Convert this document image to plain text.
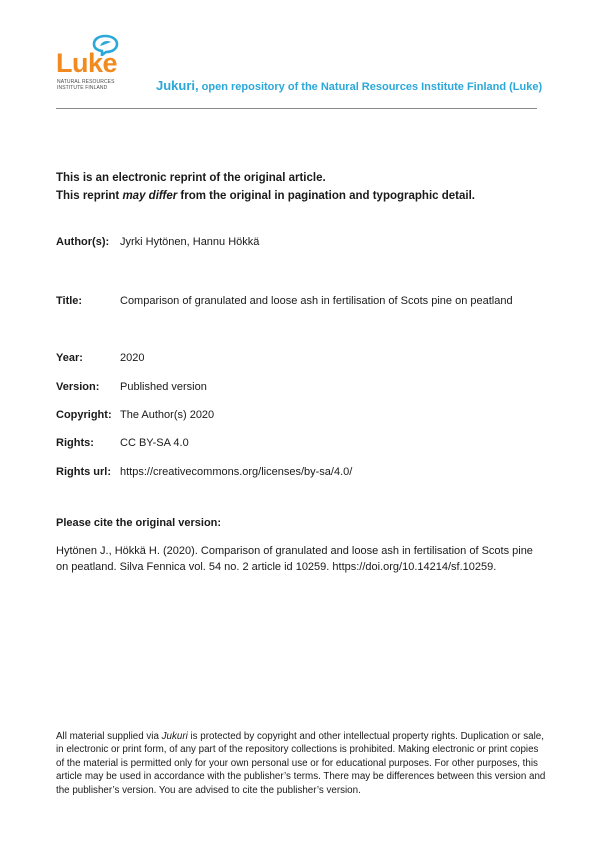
Luke
NATURAL RESOURCES
INSTITUTE FINLAND	Jukuri, open repository of the Natural Resources Institute Finland (Luke)
This is an electronic reprint of the original article.
This reprint may differ from the original in pagination and typographic detail.
Author(s): Jyrki Hytönen, Hannu Hökkä
Title:	Comparison of granulated and loose ash in fertilisation of Scots pine on peatland
Year:	2020
Version: Published version
Copyright: The Author(s) 2020
Rights: CC BY-SA 4.0
Rights url: https://creativecommons.org/licenses/by-sa/4.0/
Please cite the original version:
Hytönen J., Hökkä H. (2020). Comparison of granulated and loose ash in fertilisation of Scots pine on peatland. Silva Fennica vol. 54 no. 2 article id 10259. https://doi.org/10.14214/sf.10259.
All material supplied via Jukuri is protected by copyright and other intellectual property rights. Duplication or sale, in electronic or print form, of any part of the repository collections is prohibited. Making electronic or print copies of the material is permitted only for your own personal use or for educational purposes. For other purposes, this article may be used in accordance with the publisher’s terms. There may be differences between this version and the publisher’s version. You are advised to cite the publisher’s version.
